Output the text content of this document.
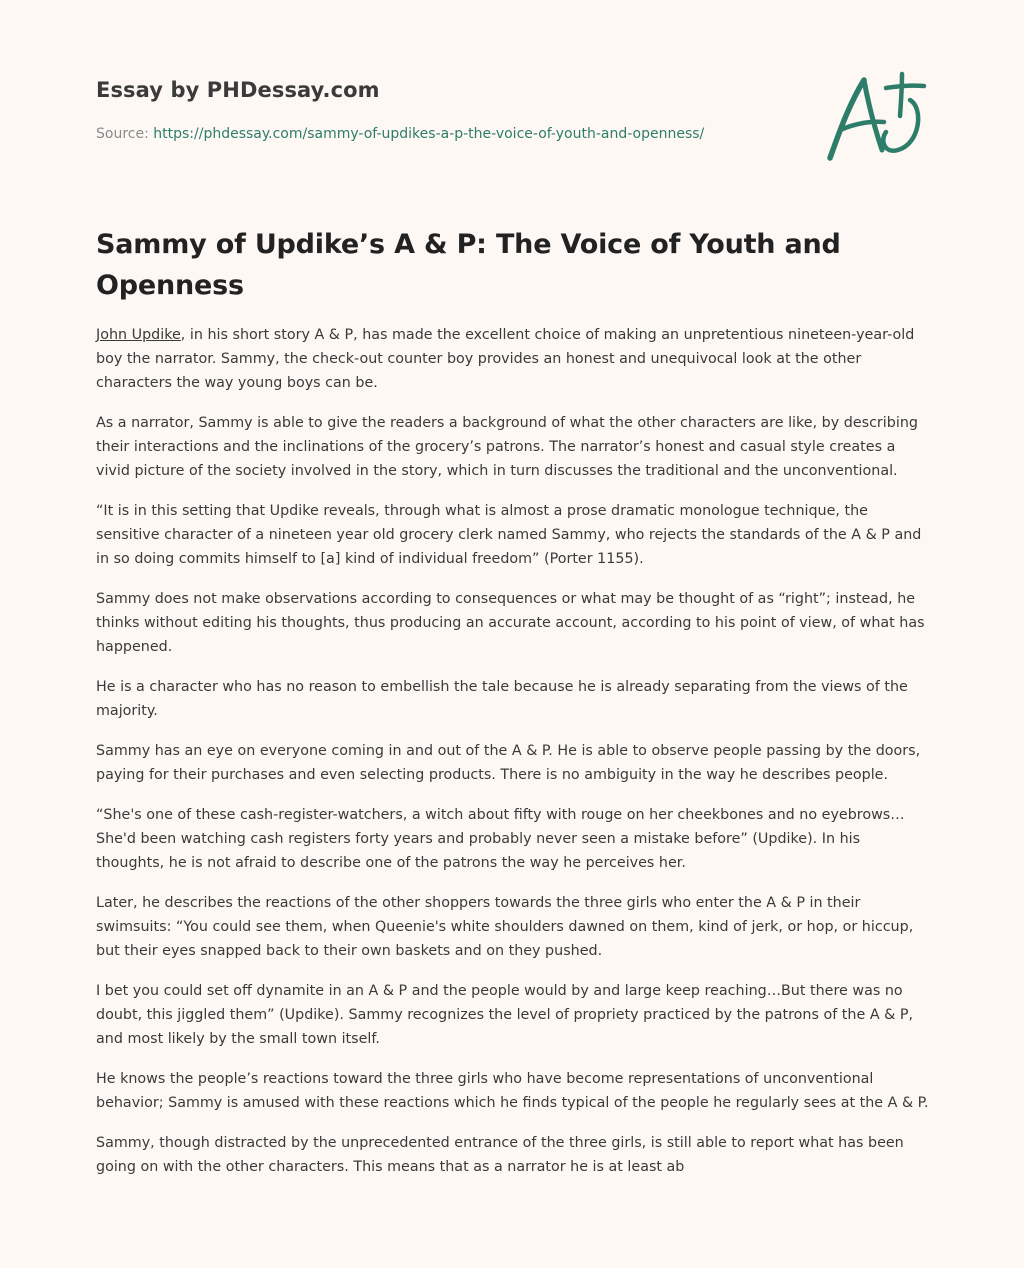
Essay by PHDessay.com
Source: https://phdessay.com/sammy-of-updikes-a-p-the-voice-of-youth-and-openness/
Sammy of Updike’s A & P: The Voice of Youth and Openness

John Updike, in his short story A & P, has made the excellent choice of making an unpretentious nineteen-year-old boy the narrator. Sammy, the check-out counter boy provides an honest and unequivocal look at the other characters the way young boys can be.

As a narrator, Sammy is able to give the readers a background of what the other characters are like, by describing their interactions and the inclinations of the grocery’s patrons. The narrator’s honest and casual style creates a vivid picture of the society involved in the story, which in turn discusses the traditional and the unconventional.

“It is in this setting that Updike reveals, through what is almost a prose dramatic monologue technique, the sensitive character of a nineteen year old grocery clerk named Sammy, who rejects the standards of the A & P and in so doing commits himself to [a] kind of individual freedom” (Porter 1155).

Sammy does not make observations according to consequences or what may be thought of as “right”; instead, he thinks without editing his thoughts, thus producing an accurate account, according to his point of view, of what has happened.

He is a character who has no reason to embellish the tale because he is already separating from the views of the majority.

Sammy has an eye on everyone coming in and out of the A & P. He is able to observe people passing by the doors, paying for their purchases and even selecting products. There is no ambiguity in the way he describes people.

“She's one of these cash-register-watchers, a witch about fifty with rouge on her cheekbones and no eyebrows…She'd been watching cash registers forty years and probably never seen a mistake before” (Updike). In his thoughts, he is not afraid to describe one of the patrons the way he perceives her.

Later, he describes the reactions of the other shoppers towards the three girls who enter the A & P in their swimsuits: “You could see them, when Queenie's white shoulders dawned on them, kind of jerk, or hop, or hiccup, but their eyes snapped back to their own baskets and on they pushed.

I bet you could set off dynamite in an A & P and the people would by and large keep reaching…But there was no doubt, this jiggled them” (Updike). Sammy recognizes the level of propriety practiced by the patrons of the A & P, and most likely by the small town itself.

He knows the people’s reactions toward the three girls who have become representations of unconventional behavior; Sammy is amused with these reactions which he finds typical of the people he regularly sees at the A & P.

Sammy, though distracted by the unprecedented entrance of the three girls, is still able to report what has been going on with the other characters. This means that as a narrator he is at least ab
